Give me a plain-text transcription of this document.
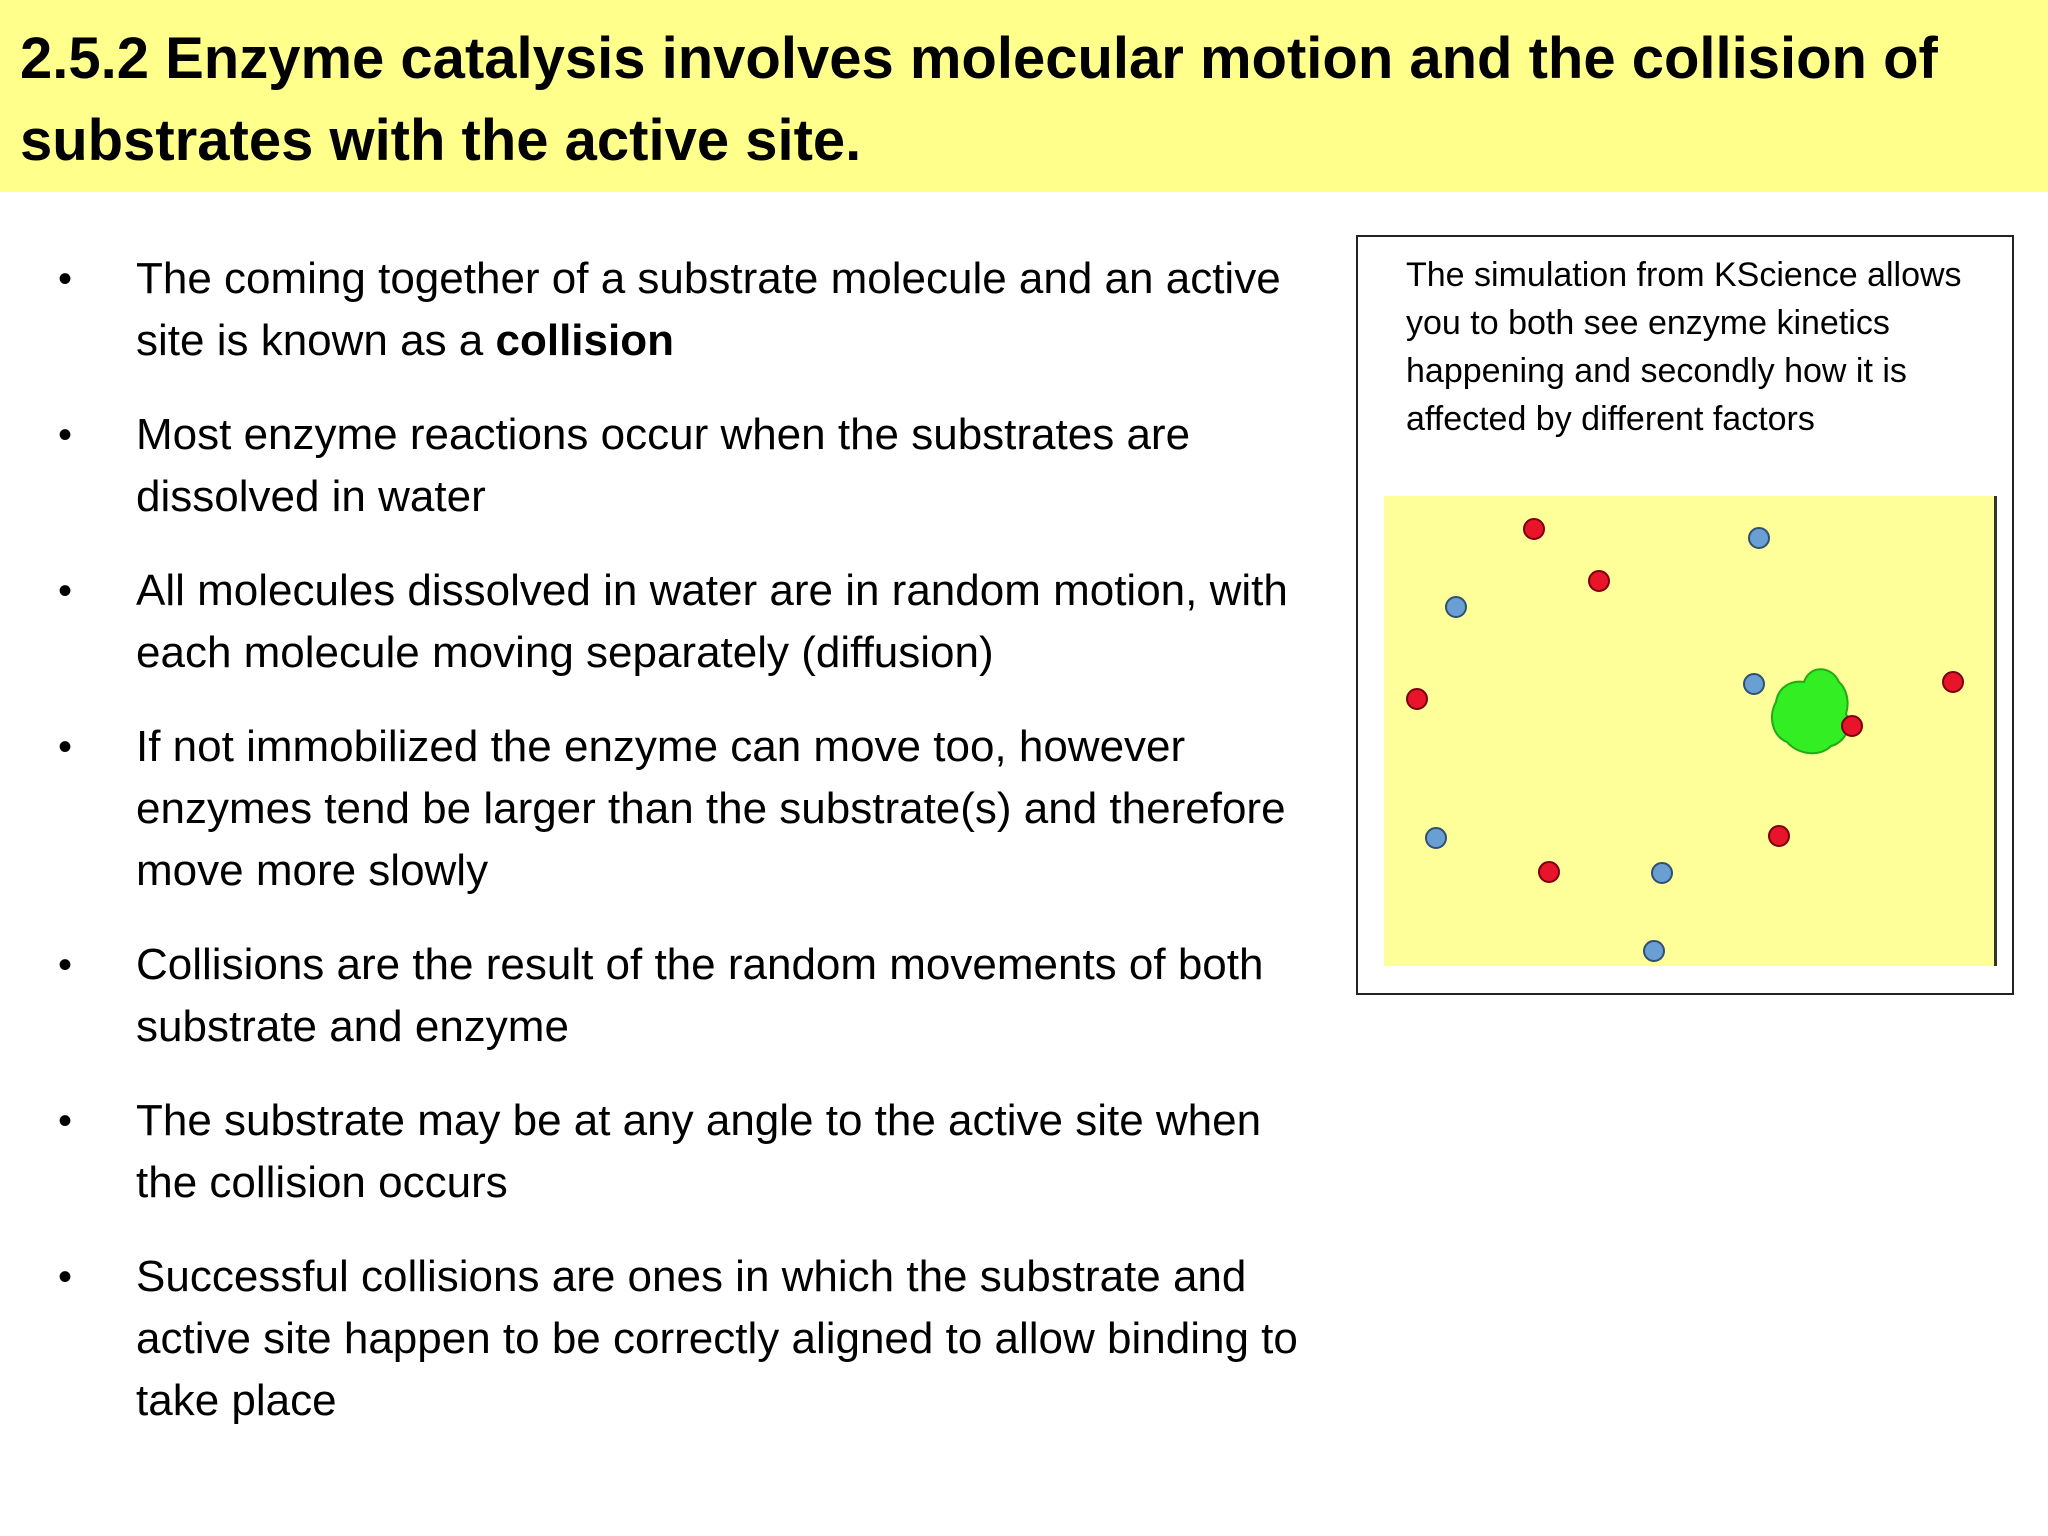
2.5.2 Enzyme catalysis involves molecular motion and the collision of substrates with the active site.
• The coming together of a substrate molecule and an active site is known as a collision
• Most enzyme reactions occur when the substrates are dissolved in water
• All molecules dissolved in water are in random motion, with each molecule moving separately (diffusion)
• If not immobilized the enzyme can move too, however enzymes tend be larger than the substrate(s) and therefore move more slowly
• Collisions are the result of the random movements of both substrate and enzyme
• The substrate may be at any angle to the active site when the collision occurs
• Successful collisions are ones in which the substrate and active site happen to be correctly aligned to allow binding to take place
The simulation from KScience allows you to both see enzyme kinetics happening and secondly how it is affected by different factors
